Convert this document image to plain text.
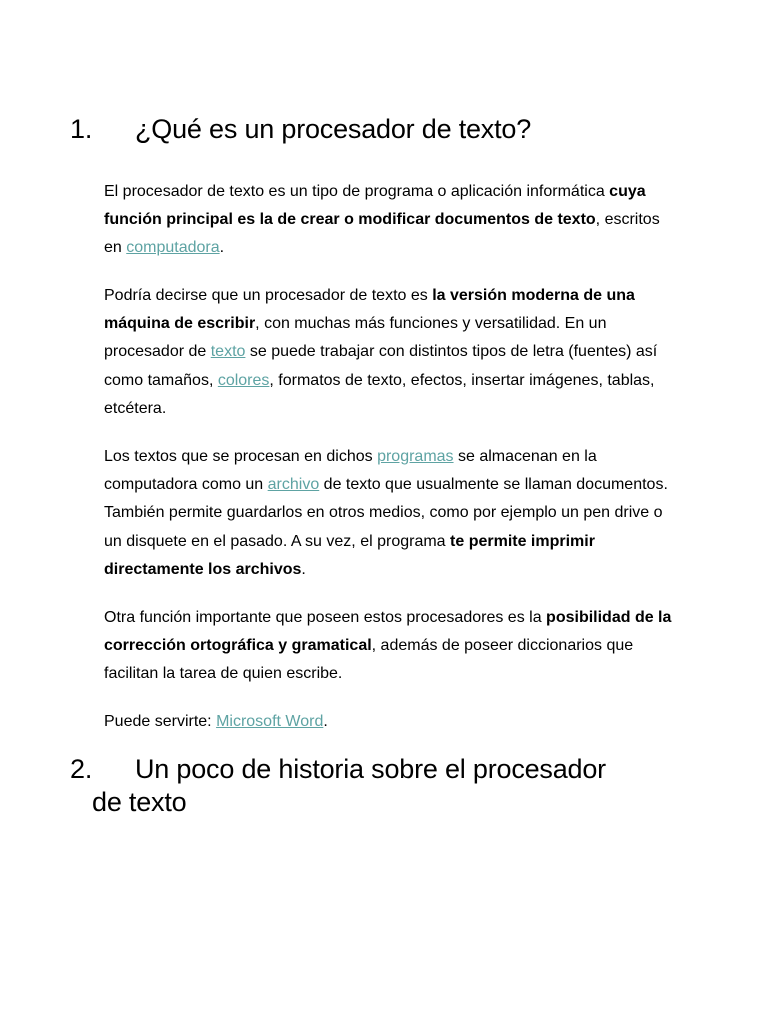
1. ¿Qué es un procesador de texto?

El procesador de texto es un tipo de programa o aplicación informática cuya función principal es la de crear o modificar documentos de texto, escritos en computadora.

Podría decirse que un procesador de texto es la versión moderna de una máquina de escribir, con muchas más funciones y versatilidad. En un procesador de texto se puede trabajar con distintos tipos de letra (fuentes) así como tamaños, colores, formatos de texto, efectos, insertar imágenes, tablas, etcétera.

Los textos que se procesan en dichos programas se almacenan en la computadora como un archivo de texto que usualmente se llaman documentos. También permite guardarlos en otros medios, como por ejemplo un pen drive o un disquete en el pasado. A su vez, el programa te permite imprimir directamente los archivos.

Otra función importante que poseen estos procesadores es la posibilidad de la corrección ortográfica y gramatical, además de poseer diccionarios que facilitan la tarea de quien escribe.

Puede servirte: Microsoft Word.

2. Un poco de historia sobre el procesador
de texto
